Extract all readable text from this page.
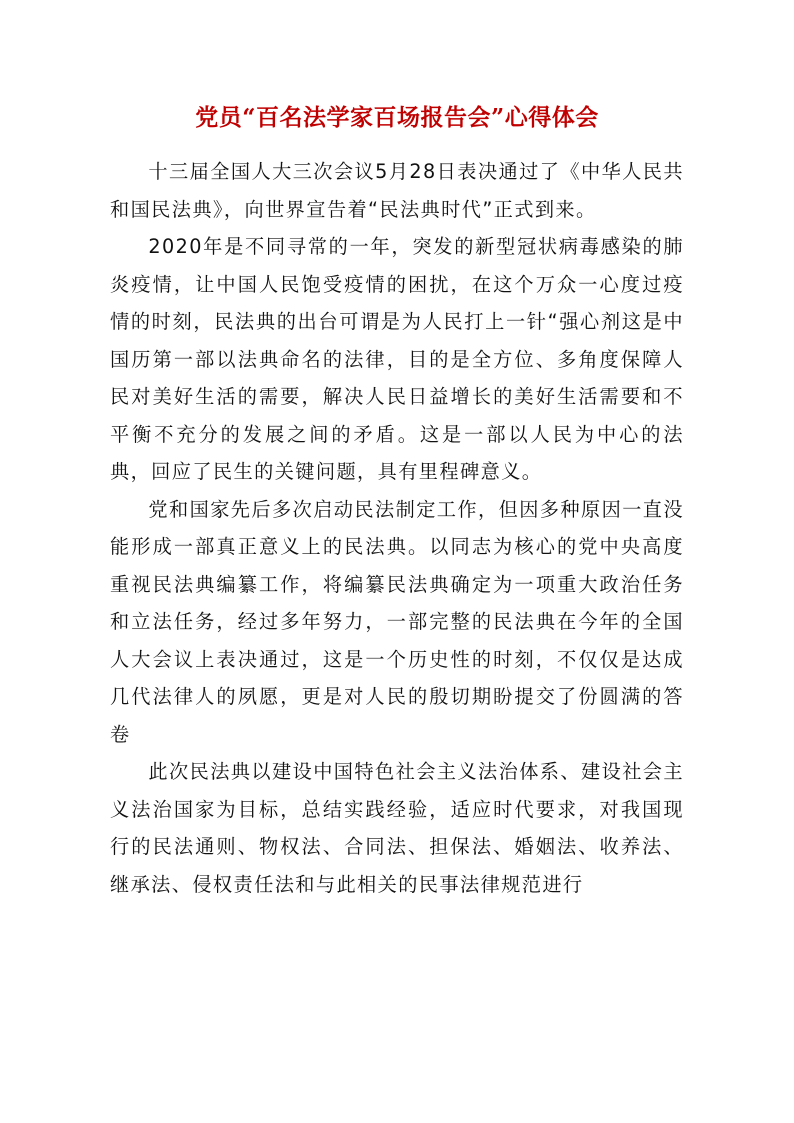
党员“百名法学家百场报告会”心得体会

十三届全国人大三次会议5月28日表决通过了《中华人民共和国民法典》，向世界宣告着“民法典时代”正式到来。

2020年是不同寻常的一年，突发的新型冠状病毒感染的肺炎疫情，让中国人民饱受疫情的困扰，在这个万众一心度过疫情的时刻，民法典的出台可谓是为人民打上一针“强心剂这是中国历第一部以法典命名的法律，目的是全方位、多角度保障人民对美好生活的需要，解决人民日益增长的美好生活需要和不平衡不充分的发展之间的矛盾。这是一部以人民为中心的法典，回应了民生的关键问题，具有里程碑意义。

党和国家先后多次启动民法制定工作，但因多种原因一直没能形成一部真正意义上的民法典。以同志为核心的党中央高度重视民法典编纂工作，将编纂民法典确定为一项重大政治任务和立法任务，经过多年努力，一部完整的民法典在今年的全国人大会议上表决通过，这是一个历史性的时刻，不仅仅是达成几代法律人的夙愿，更是对人民的殷切期盼提交了份圆满的答卷

此次民法典以建设中国特色社会主义法治体系、建设社会主义法治国家为目标，总结实践经验，适应时代要求，对我国现行的民法通则、物权法、合同法、担保法、婚姻法、收养法、继承法、侵权责任法和与此相关的民事法律规范进行
